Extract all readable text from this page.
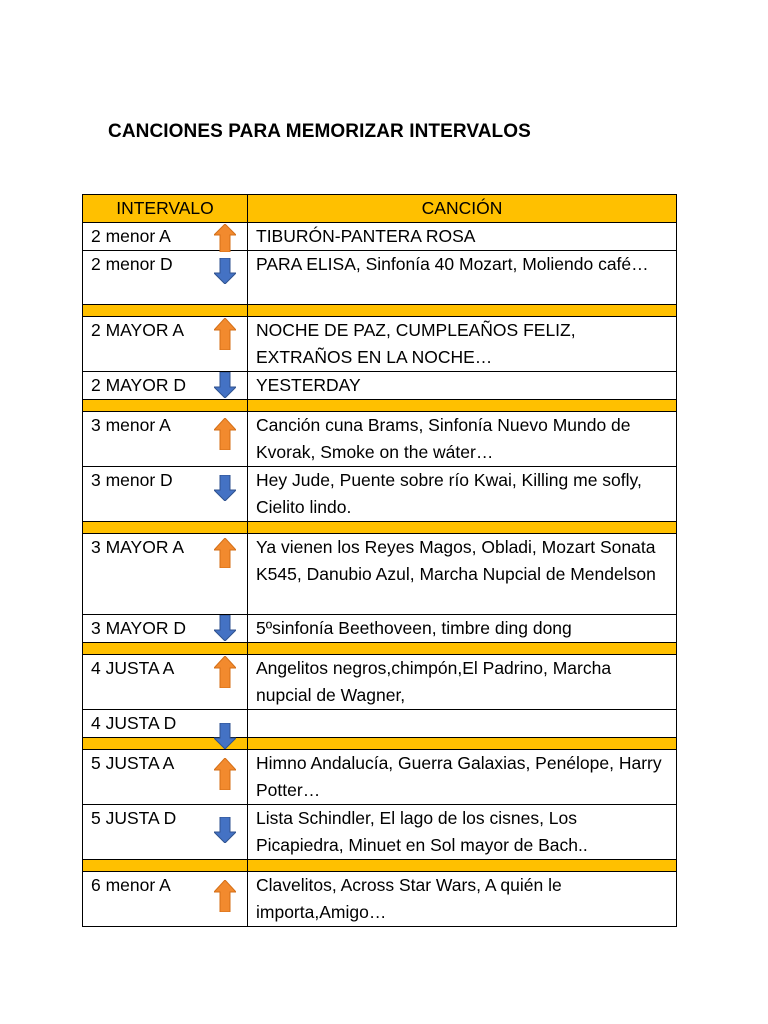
CANCIONES PARA MEMORIZAR INTERVALOS
INTERVALO	CANCIÓN
2 menor A	TIBURÓN-PANTERA ROSA
2 menor D	PARA ELISA, Sinfonía 40 Mozart, Moliendo café…

2 MAYOR A	NOCHE DE PAZ, CUMPLEAÑOS FELIZ, EXTRAÑOS EN LA NOCHE…
2 MAYOR D	YESTERDAY

3 menor A	Canción cuna Brams, Sinfonía Nuevo Mundo de Kvorak, Smoke on the wáter…
3 menor D	Hey Jude, Puente sobre río Kwai, Killing me sofly, Cielito lindo.

3 MAYOR A	Ya vienen los Reyes Magos, Obladi, Mozart Sonata K545, Danubio Azul, Marcha Nupcial de Mendelson
3 MAYOR D	5ºsinfonía Beethoveen, timbre ding dong

4 JUSTA A	Angelitos negros,chimpón,El Padrino, Marcha nupcial de Wagner,
4 JUSTA D

5 JUSTA A	Himno Andalucía, Guerra Galaxias, Penélope, Harry Potter…
5 JUSTA D	Lista Schindler, El lago de los cisnes, Los Picapiedra, Minuet en Sol mayor de Bach..

6 menor A	Clavelitos, Across Star Wars, A quién le importa,Amigo…
